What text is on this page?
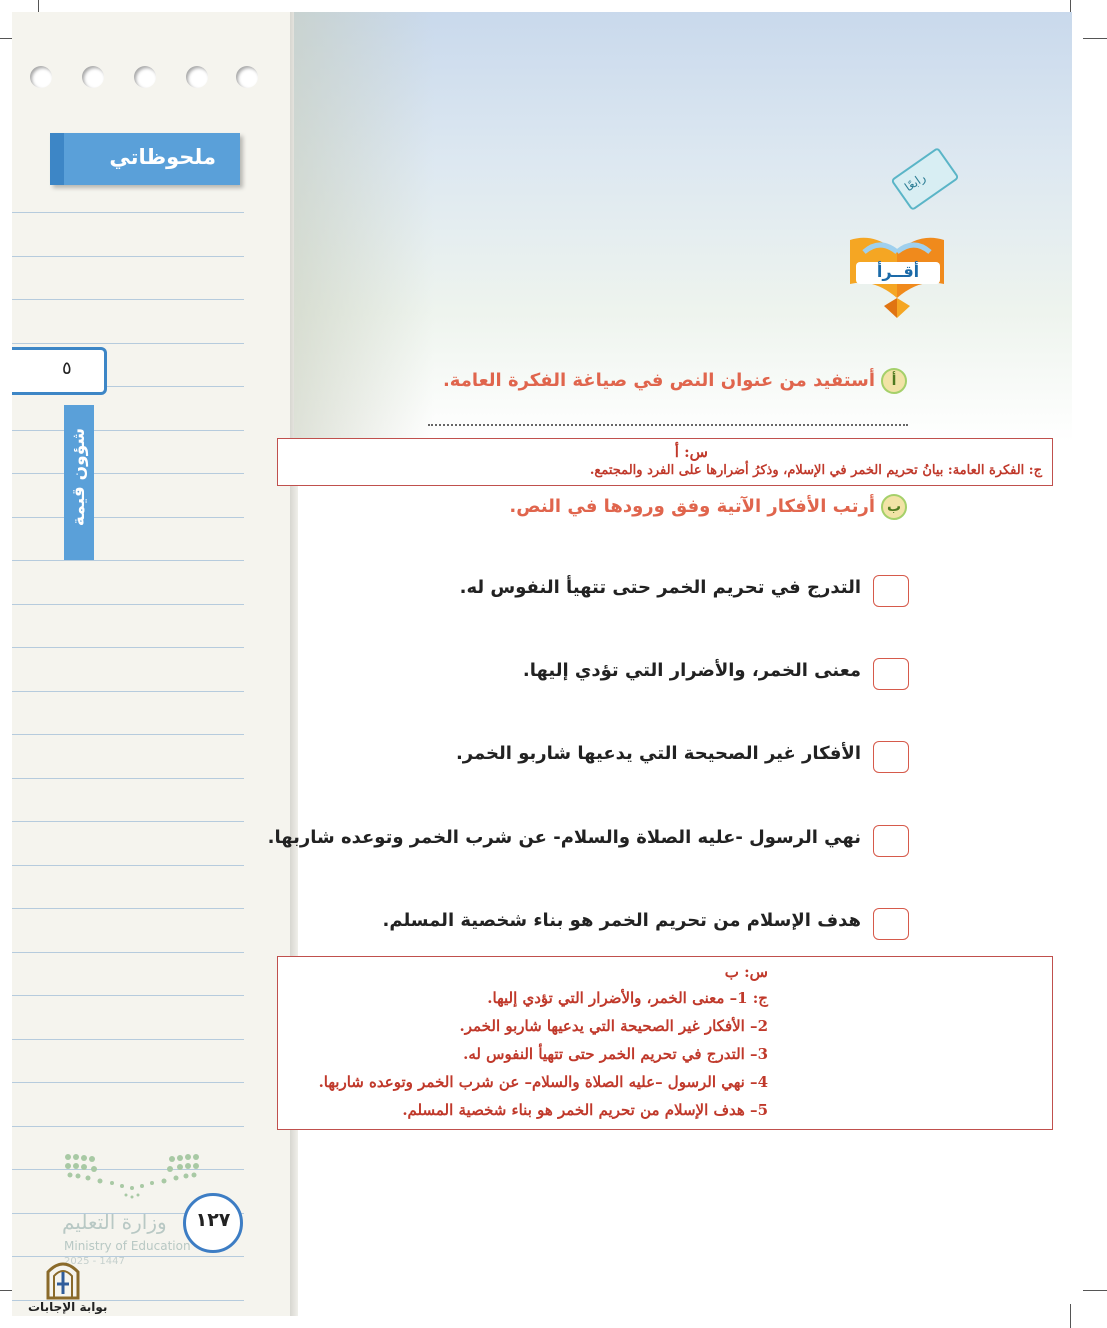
ملحوظاتي
٥
شؤون قيمة
وزارة التعليم
Ministry of Education
2025 - 1447
١٢٧
بوابة الإجابات
رابعًا
أقــرأ
أأستفيد من عنوان النص في صياغة الفكرة العامة.
س: أ
ج: الفكرة العامة: بيانُ تحريم الخمر في الإسلام، وذكرُ أضرارها على الفرد والمجتمع.
بأرتب الأفكار الآتية وفق ورودها في النص.
التدرج في تحريم الخمر حتى تتهيأ النفوس له.
معنى الخمر، والأضرار التي تؤدي إليها.
الأفكار غير الصحيحة التي يدعيها شاربو الخمر.
نهي الرسول -عليه الصلاة والسلام- عن شرب الخمر وتوعده شاربها.
هدف الإسلام من تحريم الخمر هو بناء شخصية المسلم.
س: ب
ج: 1– معنى الخمر، والأضرار التي تؤدي إليها.
2– الأفكار غير الصحيحة التي يدعيها شاربو الخمر.
3– التدرج في تحريم الخمر حتى تتهيأ النفوس له.
4– نهي الرسول –عليه الصلاة والسلام– عن شرب الخمر وتوعده شاربها.
5– هدف الإسلام من تحريم الخمر هو بناء شخصية المسلم.
